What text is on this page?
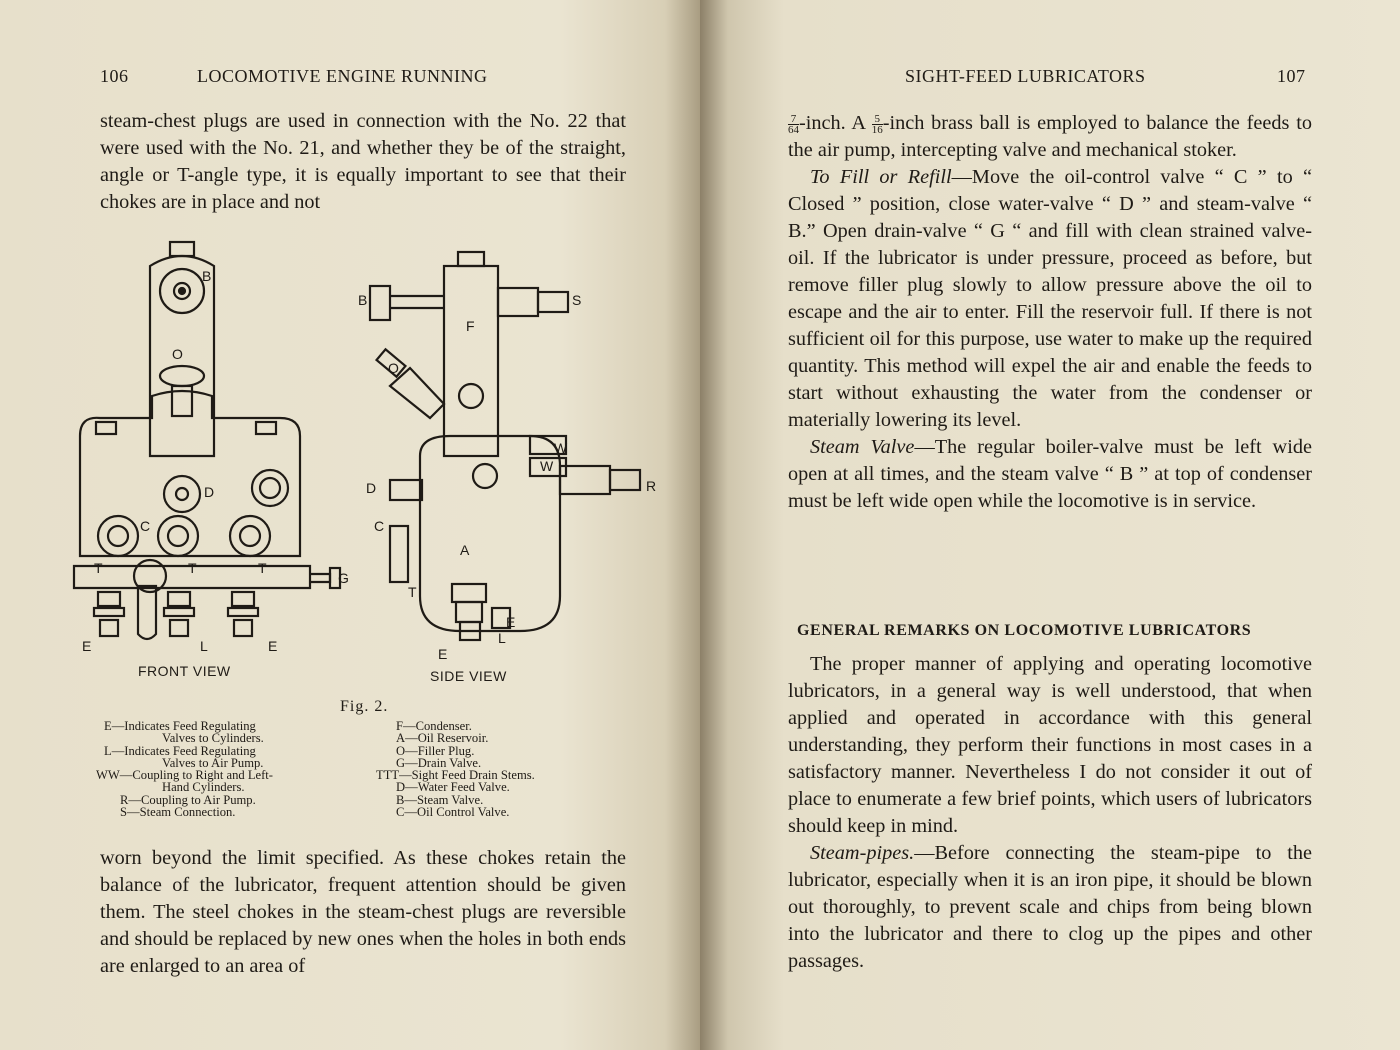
106	LOCOMOTIVE ENGINE RUNNING

steam-chest plugs are used in connection with the No. 22 that were used with the No. 21, and whether they be of the straight, angle or T-angle type, it is equally important to see that their chokes are in place and not

B
O
D
C
T	T	T
G
E	L	E
FRONT VIEW
B	S
F
O
W
W
R
D
C
A
T
E
L
E
SIDE VIEW
Fig. 2.
E—Indicates Feed Regulating
Valves to Cylinders.
L—Indicates Feed Regulating
Valves to Air Pump.
WW—Coupling to Right and Left-
Hand Cylinders.
R—Coupling to Air Pump.
S—Steam Connection.
F—Condenser.
A—Oil Reservoir.
O—Filler Plug.
G—Drain Valve.
TTT—Sight Feed Drain Stems.
D—Water Feed Valve.
B—Steam Valve.
C—Oil Control Valve.

worn beyond the limit specified. As these chokes retain the balance of the lubricator, frequent attention should be given them. The steel chokes in the steam-chest plugs are reversible and should be replaced by new ones when the holes in both ends are enlarged to an area of

SIGHT-FEED LUBRICATORS	107

$\frac{7}{64}$ -inch. A $\frac{5}{16}$ -inch brass ball is employed to balance the feeds to the air pump, intercepting valve and mechanical stoker.

To Fill or Refill—Move the oil-control valve “ C ” to “ Closed ” position, close water-valve “ D ” and steam-valve “ B.” Open drain-valve “ G “ and fill with clean strained valve-oil. If the lubricator is under pressure, proceed as before, but remove filler plug slowly to allow pressure above the oil to escape and the air to enter. Fill the reservoir full. If there is not sufficient oil for this purpose, use water to make up the required quantity. This method will expel the air and enable the feeds to start without exhausting the water from the condenser or materially lowering its level.

Steam Valve—The regular boiler-valve must be left wide open at all times, and the steam valve “ B ” at top of condenser must be left wide open while the locomotive is in service.

GENERAL REMARKS ON LOCOMOTIVE LUBRICATORS

The proper manner of applying and operating locomotive lubricators, in a general way is well understood, that when applied and operated in accordance with this general understanding, they perform their functions in most cases in a satisfactory manner. Nevertheless I do not consider it out of place to enumerate a few brief points, which users of lubricators should keep in mind.

Steam-pipes.—Before connecting the steam-pipe to the lubricator, especially when it is an iron pipe, it should be blown out thoroughly, to prevent scale and chips from being blown into the lubricator and there to clog up the pipes and other passages.
